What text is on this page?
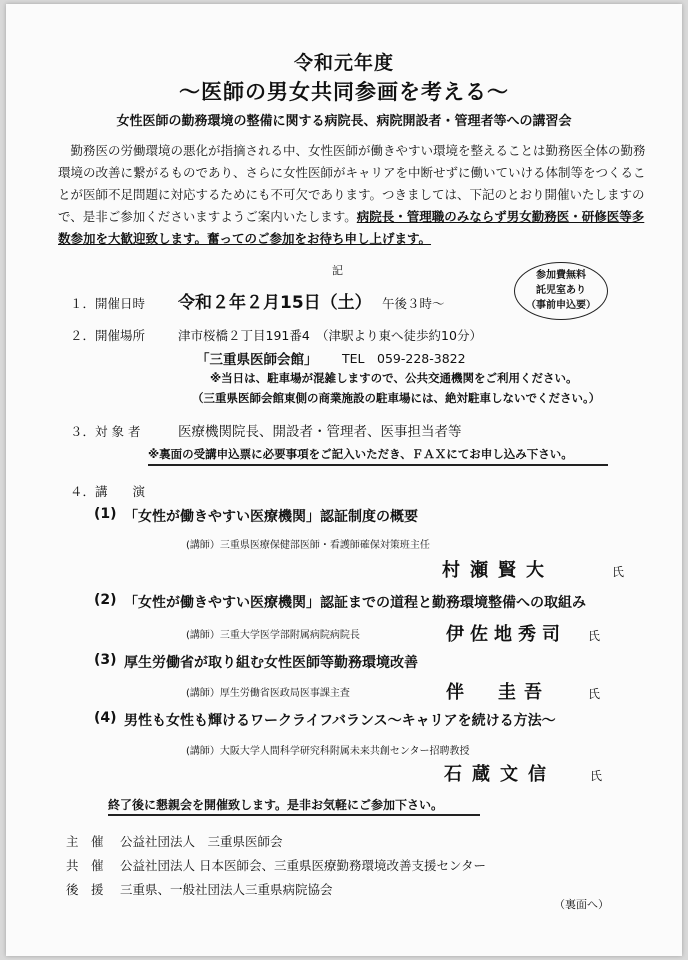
令和元年度
〜医師の男女共同参画を考える〜
女性医師の勤務環境の整備に関する病院長、病院開設者・管理者等への講習会

勤務医の労働環境の悪化が指摘される中、女性医師が働きやすい環境を整えることは勤務医全体の勤務環境の改善に繋がるものであり、さらに女性医師がキャリアを中断せずに働いていける体制等をつくることが医師不足問題に対応するためにも不可欠であります。つきましては、下記のとおり開催いたしますので、是非ご参加くださいますようご案内いたします。病院長・管理職のみならず男女勤務医・研修医等多数参加を大歓迎致します。奮ってのご参加をお待ち申し上げます。

記	参加費無料
託児室あり
（事前申込要）
１．開催日時 令和２年２月15日（土） 午後３時〜
２．開催場所	津市桜橋２丁目191番4　（津駅より東へ徒歩約10分）
「三重県医師会館」 TEL　059-228-3822
※当日は、駐車場が混雑しますので、公共交通機関をご利用ください。
（三重県医師会館東側の商業施設の駐車場には、絶対駐車しないでください。）
３．対 象 者	医療機関院長、開設者・管理者、医事担当者等
※裏面の受講申込票に必要事項をご記入いただき、ＦＡＸにてお申し込み下さい。
４．講　　演
(1) 「女性が働きやすい医療機関」認証制度の概要
(講師）三重県医療保健部医師・看護師確保対策班主任
村瀬賢大	氏
(2) 「女性が働きやすい医療機関」認証までの道程と勤務環境整備への取組み
(講師）三重大学医学部附属病院病院長	伊佐地秀司 氏
(3) 厚生労働省が取り組む女性医師等勤務環境改善
(講師）厚生労働省医政局医事課主査	伴　圭吾	氏
(4) 男性も女性も輝けるワークライフバランス〜キャリアを続ける方法〜
(講師）大阪大学人間科学研究科附属未来共創センター招聘教授
石蔵文信	氏
終了後に懇親会を開催致します。是非お気軽にご参加下さい。
主　催 公益社団法人　三重県医師会
共　催 公益社団法人 日本医師会、三重県医療勤務環境改善支援センター
後　援 三重県、一般社団法人三重県病院協会
（裏面へ）
